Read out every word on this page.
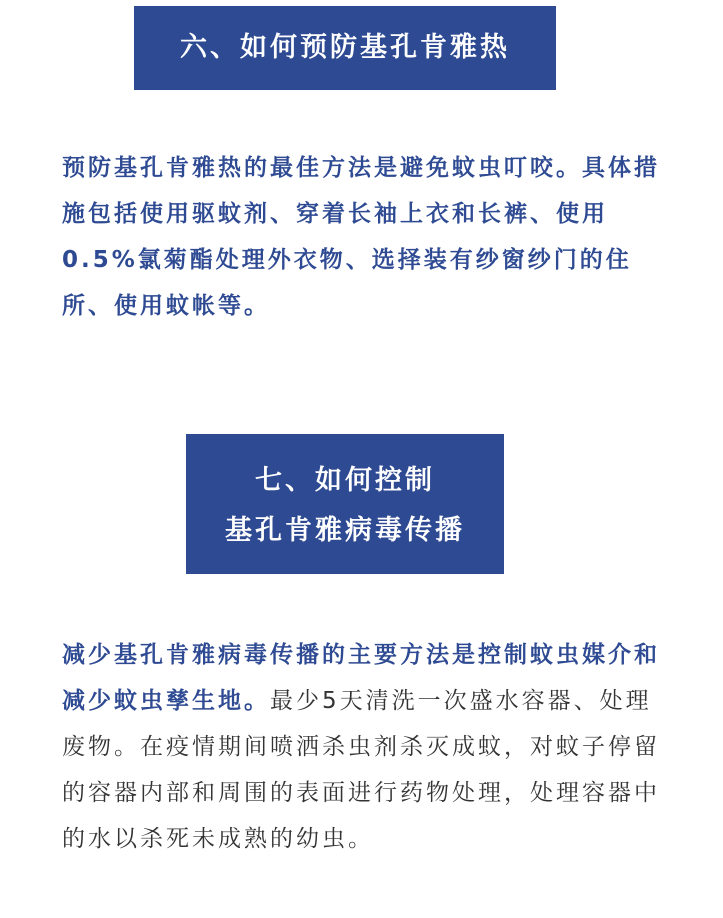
六、如何预防基孔肯雅热

预防基孔肯雅热的最佳方法是避免蚊虫叮咬。具体措施包括使用驱蚊剂、穿着长袖上衣和长裤、使用0.5%氯菊酯处理外衣物、选择装有纱窗纱门的住所、使用蚊帐等。

七、如何控制
基孔肯雅病毒传播

减少基孔肯雅病毒传播的主要方法是控制蚊虫媒介和减少蚊虫孳生地。最少5天清洗一次盛水容器、处理废物。在疫情期间喷洒杀虫剂杀灭成蚊，对蚊子停留的容器内部和周围的表面进行药物处理，处理容器中的水以杀死未成熟的幼虫。
